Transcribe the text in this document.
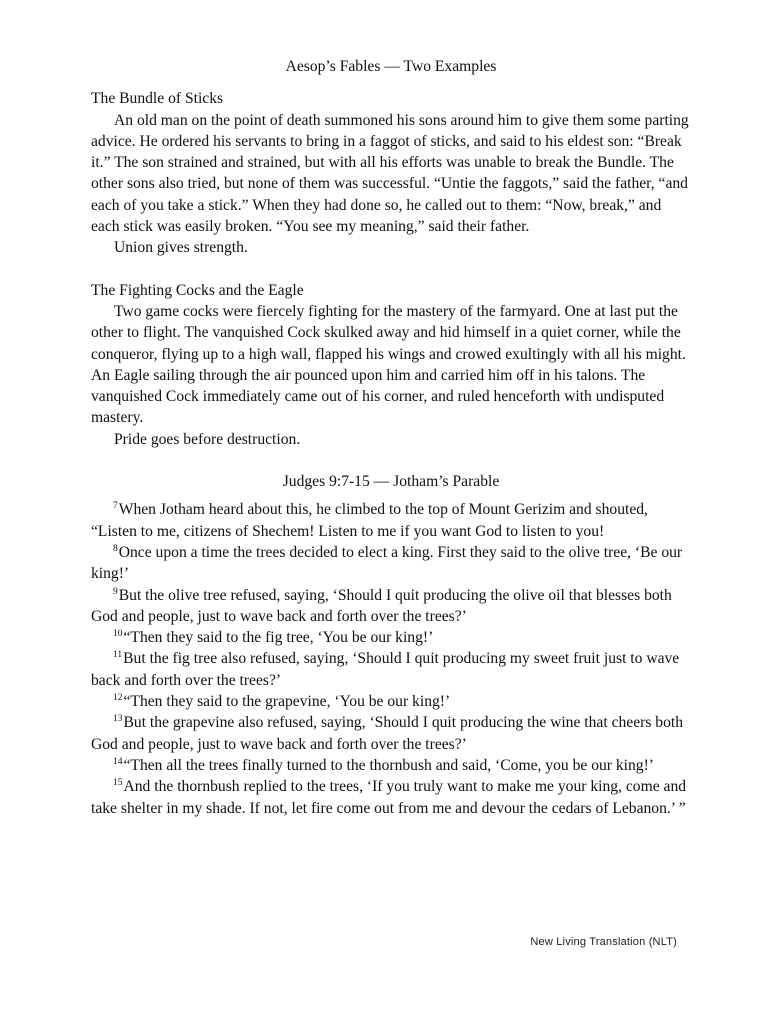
Aesop’s Fables — Two Examples
The Bundle of Sticks

An old man on the point of death summoned his sons around him to give them some parting advice. He ordered his servants to bring in a faggot of sticks, and said to his eldest son: “Break it.” The son strained and strained, but with all his efforts was unable to break the Bundle. The other sons also tried, but none of them was successful. “Untie the faggots,” said the father, “and each of you take a stick.” When they had done so, he called out to them: “Now, break,” and each stick was easily broken. “You see my meaning,” said their father.

Union gives strength.

The Fighting Cocks and the Eagle

Two game cocks were fiercely fighting for the mastery of the farmyard. One at last put the other to flight. The vanquished Cock skulked away and hid himself in a quiet corner, while the conqueror, flying up to a high wall, flapped his wings and crowed exultingly with all his might. An Eagle sailing through the air pounced upon him and carried him off in his talons. The vanquished Cock immediately came out of his corner, and ruled henceforth with undisputed mastery.

Pride goes before destruction.

Judges 9:7-15 — Jotham’s Parable

$^7$When Jotham heard about this, he climbed to the top of Mount Gerizim and shouted, “Listen to me, citizens of Shechem! Listen to me if you want God to listen to you!

$^8$Once upon a time the trees decided to elect a king. First they said to the olive tree, ‘Be our king!’

$^9$But the olive tree refused, saying, ‘Should I quit producing the olive oil that blesses both God and people, just to wave back and forth over the trees?’

$^{10}$“Then they said to the fig tree, ‘You be our king!’

$^{11}$But the fig tree also refused, saying, ‘Should I quit producing my sweet fruit just to wave back and forth over the trees?’

$^{12}$“Then they said to the grapevine, ‘You be our king!’

$^{13}$But the grapevine also refused, saying, ‘Should I quit producing the wine that cheers both God and people, just to wave back and forth over the trees?’

$^{14}$“Then all the trees finally turned to the thornbush and said, ‘Come, you be our king!’

$^{15}$And the thornbush replied to the trees, ‘If you truly want to make me your king, come and take shelter in my shade. If not, let fire come out from me and devour the cedars of Lebanon.’ ”

New Living Translation (NLT)
